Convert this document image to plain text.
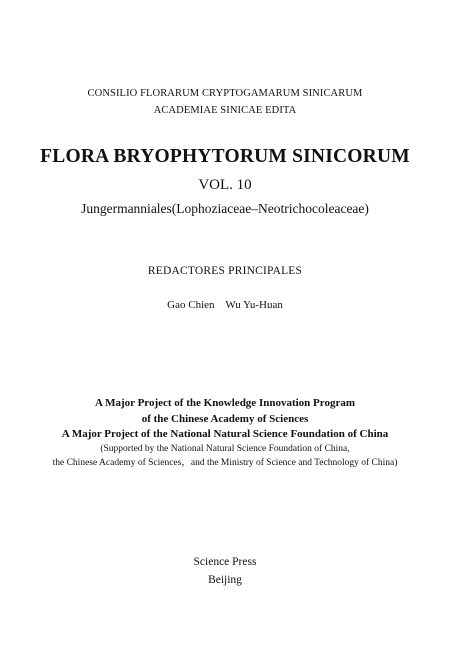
CONSILIO FLORARUM CRYPTOGAMARUM SINICARUM
ACADEMIAE SINICAE EDITA
FLORA BRYOPHYTORUM SINICORUM
VOL. 10
Jungermanniales(Lophoziaceae–Neotrichocoleaceae)
REDACTORES PRINCIPALES
Gao Chien    Wu Yu-Huan
A Major Project of the Knowledge Innovation Program
of the Chinese Academy of Sciences
A Major Project of the National Natural Science Foundation of China
(Supported by the National Natural Science Foundation of China,
the Chinese Academy of Sciences，and the Ministry of Science and Technology of China)
Science Press
Beijing
